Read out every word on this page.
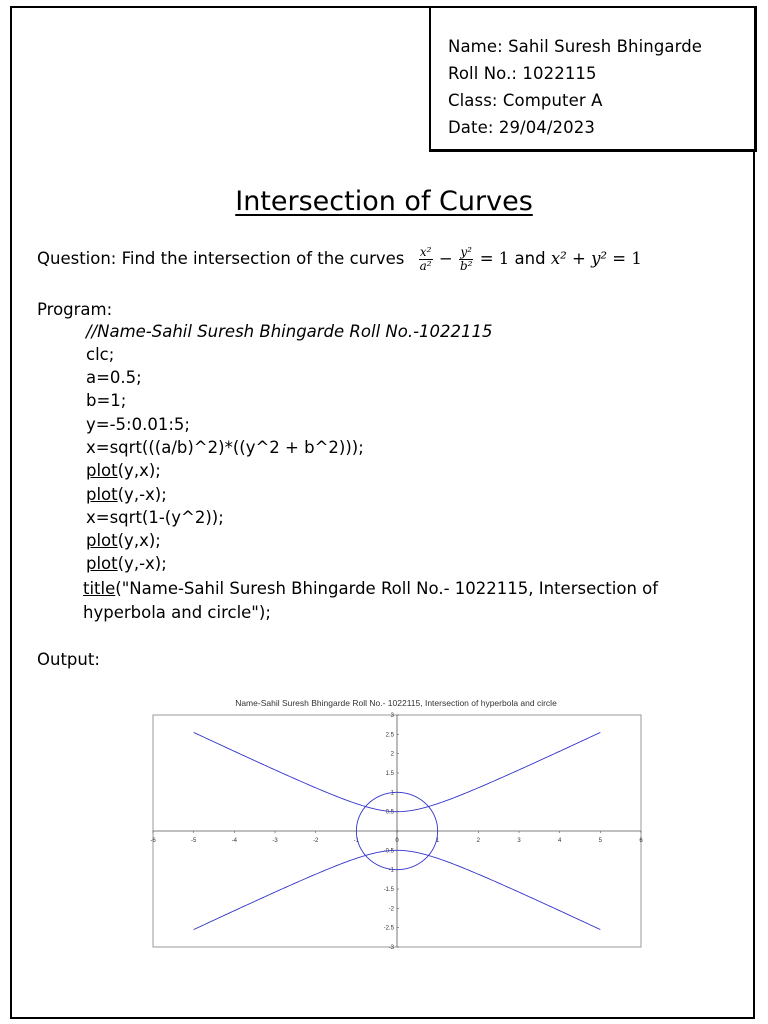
Name: Sahil Suresh Bhingarde
Roll No.: 1022115
Class: Computer A
Date: 29/04/2023
Intersection of Curves
Question: Find the intersection of the curves $\frac{\text{x²}}{\text{a²}} - \frac{\text{y²}}{\text{b²}} = 1$ and x² + y² = 1
Program:
//Name-Sahil Suresh Bhingarde Roll No.-1022115
clc;
a=0.5;
b=1;
y=-5:0.01:5;
x=sqrt(((a/b)^2)*((y^2 + b^2)));
plot(y,x);
plot(y,-x);
x=sqrt(1-(y^2));
plot(y,x);
plot(y,-x);
title("Name-Sahil Suresh Bhingarde Roll No.- 1022115, Intersection of
hyperbola and circle");
Output:
Name-Sahil Suresh Bhingarde Roll No.- 1022115, Intersection of hyperbola and circle
-6	-5	-4	-3	-2	-1	0	1	2	3	4	5	6
-3
-2.5
-2
-1.5
-1
-0.5
0.5
1
1.5
2
2.5
3
